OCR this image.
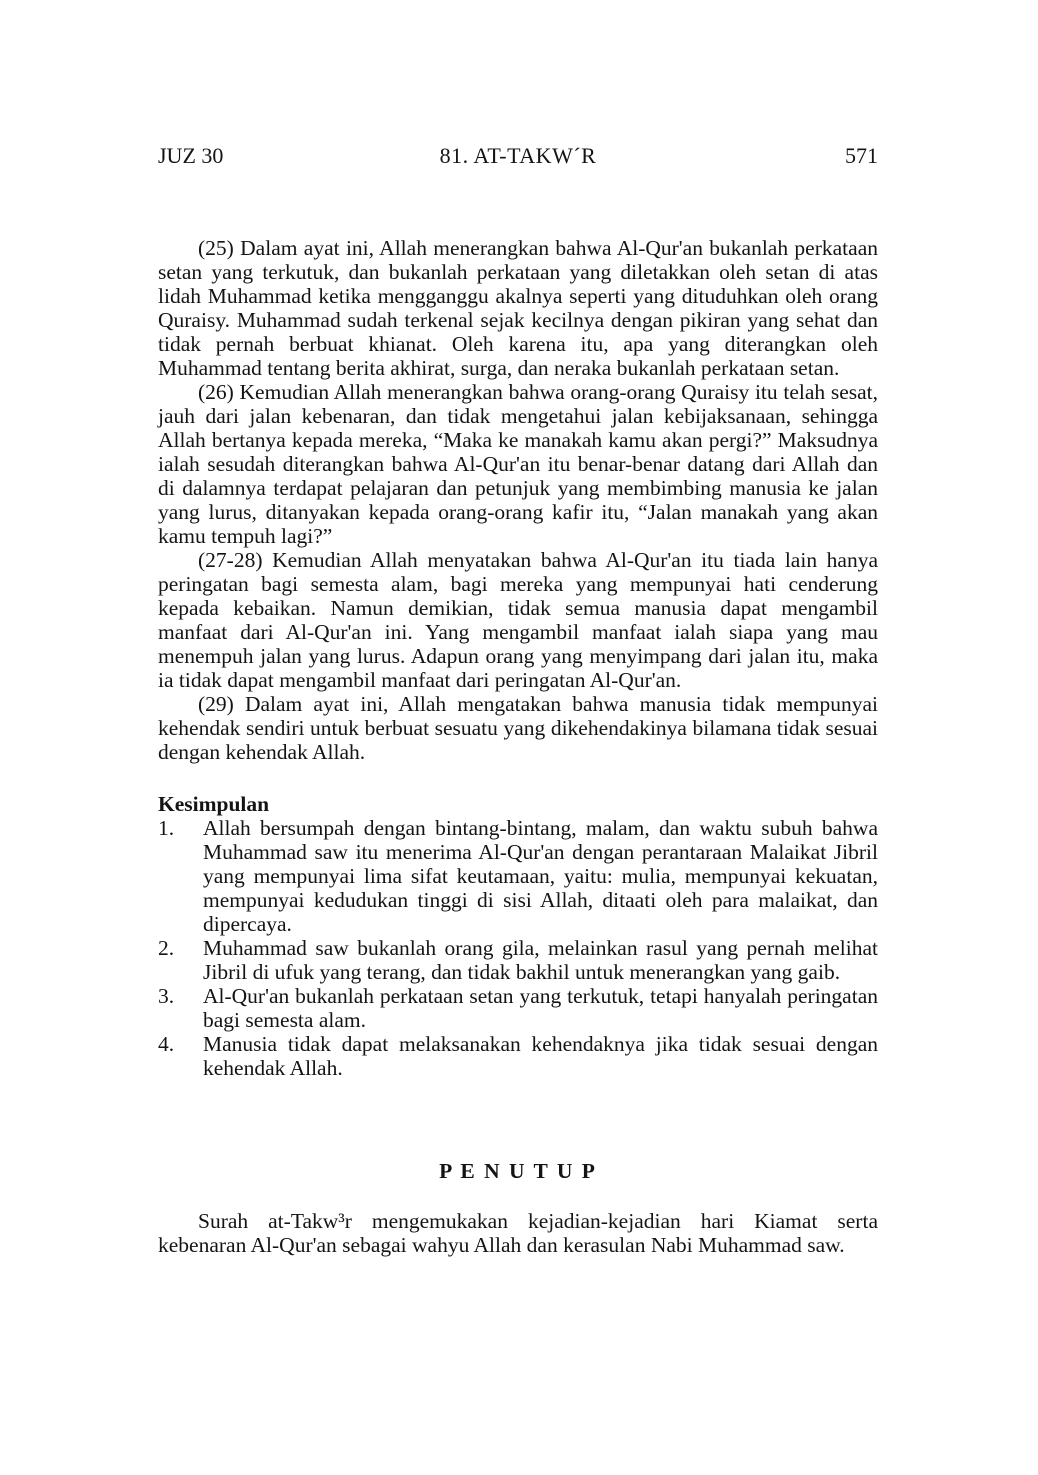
JUZ 30	81. AT-TAKW´R	571

(25) Dalam ayat ini, Allah menerangkan bahwa Al-Qur'an bukanlah perkataan setan yang terkutuk, dan bukanlah perkataan yang diletakkan oleh setan di atas lidah Muhammad ketika mengganggu akalnya seperti yang dituduhkan oleh orang Quraisy. Muhammad sudah terkenal sejak kecilnya dengan pikiran yang sehat dan tidak pernah berbuat khianat. Oleh karena itu, apa yang diterangkan oleh Muhammad tentang berita akhirat, surga, dan neraka bukanlah perkataan setan.

(26) Kemudian Allah menerangkan bahwa orang-orang Quraisy itu telah sesat, jauh dari jalan kebenaran, dan tidak mengetahui jalan kebijaksanaan, sehingga Allah bertanya kepada mereka, “Maka ke manakah kamu akan pergi?” Maksudnya ialah sesudah diterangkan bahwa Al-Qur'an itu benar-benar datang dari Allah dan di dalamnya terdapat pelajaran dan petunjuk yang membimbing manusia ke jalan yang lurus, ditanyakan kepada orang-orang kafir itu, “Jalan manakah yang akan kamu tempuh lagi?”

(27-28) Kemudian Allah menyatakan bahwa Al-Qur'an itu tiada lain hanya peringatan bagi semesta alam, bagi mereka yang mempunyai hati cenderung kepada kebaikan. Namun demikian, tidak semua manusia dapat mengambil manfaat dari Al-Qur'an ini. Yang mengambil manfaat ialah siapa yang mau menempuh jalan yang lurus. Adapun orang yang menyimpang dari jalan itu, maka ia tidak dapat mengambil manfaat dari peringatan Al-Qur'an.

(29) Dalam ayat ini, Allah mengatakan bahwa manusia tidak mempunyai kehendak sendiri untuk berbuat sesuatu yang dikehendakinya bilamana tidak sesuai dengan kehendak Allah.

Kesimpulan

1.	Allah bersumpah dengan bintang-bintang, malam, dan waktu subuh bahwa Muhammad saw itu menerima Al-Qur'an dengan perantaraan Malaikat Jibril yang mempunyai lima sifat keutamaan, yaitu: mulia, mempunyai kekuatan, mempunyai kedudukan tinggi di sisi Allah, ditaati oleh para malaikat, dan dipercaya.
2.	Muhammad saw bukanlah orang gila, melainkan rasul yang pernah melihat Jibril di ufuk yang terang, dan tidak bakhil untuk menerangkan yang gaib.
3.	Al-Qur'an bukanlah perkataan setan yang terkutuk, tetapi hanyalah peringatan bagi semesta alam.
4.	Manusia tidak dapat melaksanakan kehendaknya jika tidak sesuai dengan kehendak Allah.

P E N U T U P

Surah at-Takw³r mengemukakan kejadian-kejadian hari Kiamat serta kebenaran Al-Qur'an sebagai wahyu Allah dan kerasulan Nabi Muhammad saw.
